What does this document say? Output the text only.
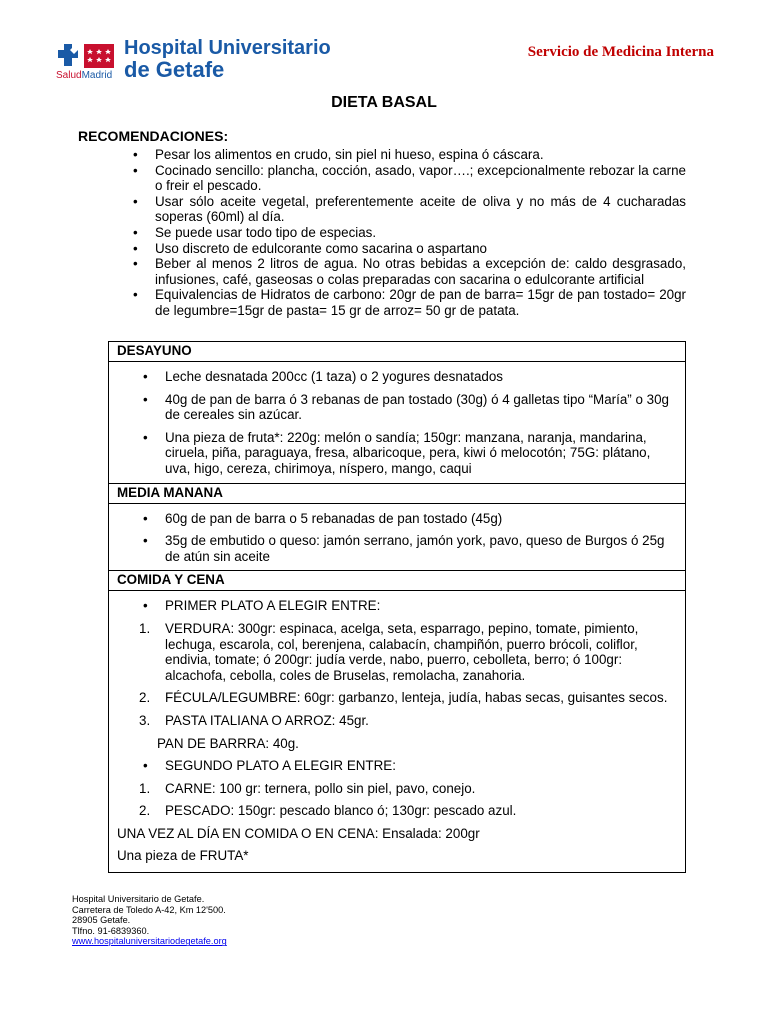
SaludMadrid
Hospital Universitario
de Getafe
Servicio de Medicina Interna
DIETA BASAL
RECOMENDACIONES:
• Pesar los alimentos en crudo, sin piel ni hueso, espina ó cáscara.
• Cocinado sencillo: plancha, cocción, asado, vapor….; excepcionalmente rebozar la carne o freir el pescado.
• Usar sólo aceite vegetal, preferentemente aceite de oliva y no más de 4 cucharadas soperas (60ml) al día.
• Se puede usar todo tipo de especias.
• Uso discreto de edulcorante como sacarina o aspartano
• Beber al menos 2 litros de agua. No otras bebidas a excepción de: caldo desgrasado, infusiones, café, gaseosas o colas preparadas con sacarina o edulcorante artificial
• Equivalencias de Hidratos de carbono: 20gr de pan de barra= 15gr de pan tostado= 20gr de legumbre=15gr de pasta= 15 gr de arroz= 50 gr de patata.
DESAYUNO
• Leche desnatada 200cc (1 taza) o 2 yogures desnatados
• 40g de pan de barra ó 3 rebanas de pan tostado (30g) ó 4 galletas tipo “María” o 30g de cereales sin azúcar.
• Una pieza de fruta*: 220g: melón o sandía; 150gr: manzana, naranja, mandarina, ciruela, piña, paraguaya, fresa, albaricoque, pera, kiwi ó melocotón; 75G: plátano, uva, higo, cereza, chirimoya, níspero, mango, caqui
MEDIA MANANA
• 60g de pan de barra o 5 rebanadas de pan tostado (45g)
• 35g de embutido o queso: jamón serrano, jamón york, pavo, queso de Burgos ó 25g de atún sin aceite
COMIDA Y CENA
• PRIMER PLATO A ELEGIR ENTRE:
1. VERDURA: 300gr: espinaca, acelga, seta, esparrago, pepino, tomate, pimiento, lechuga, escarola, col, berenjena, calabacín, champiñón, puerro brócoli, coliflor, endivia, tomate; ó 200gr: judía verde, nabo, puerro, cebolleta, berro; ó 100gr: alcachofa, cebolla, coles de Bruselas, remolacha, zanahoria.
2. FÉCULA/LEGUMBRE: 60gr: garbanzo, lenteja, judía, habas secas, guisantes secos.
3. PASTA ITALIANA O ARROZ: 45gr.
PAN DE BARRRA: 40g.
• SEGUNDO PLATO A ELEGIR ENTRE:
1. CARNE: 100 gr: ternera, pollo sin piel, pavo, conejo.
2. PESCADO: 150gr: pescado blanco ó; 130gr: pescado azul.
UNA VEZ AL DÍA EN COMIDA O EN CENA: Ensalada: 200gr
Una pieza de FRUTA*
Hospital Universitario de Getafe.
Carretera de Toledo A-42, Km 12'500.
28905 Getafe.
Tlfno. 91-6839360.
www.hospitaluniversitariodegetafe.org
